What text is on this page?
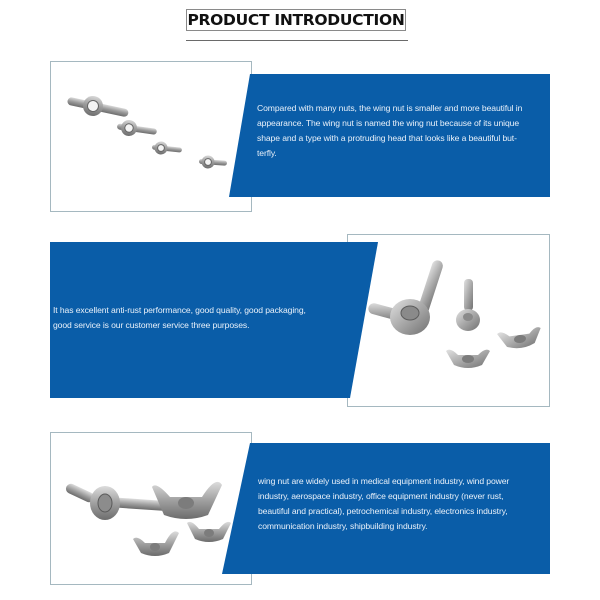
PRODUCT INTRODUCTION
Compared with many nuts, the wing nut is smaller and more beautiful in
appearance. The wing nut is named the wing nut because of its unique
shape and a type with a protruding head that looks like a beautiful but-
terfly.
It has excellent anti-rust performance, good quality, good packaging,
good service is our customer service three purposes.
wing nut are widely used in medical equipment industry, wind power
industry, aerospace industry, office equipment industry (never rust,
beautiful and practical), petrochemical industry, electronics industry,
communication industry, shipbuilding industry.
